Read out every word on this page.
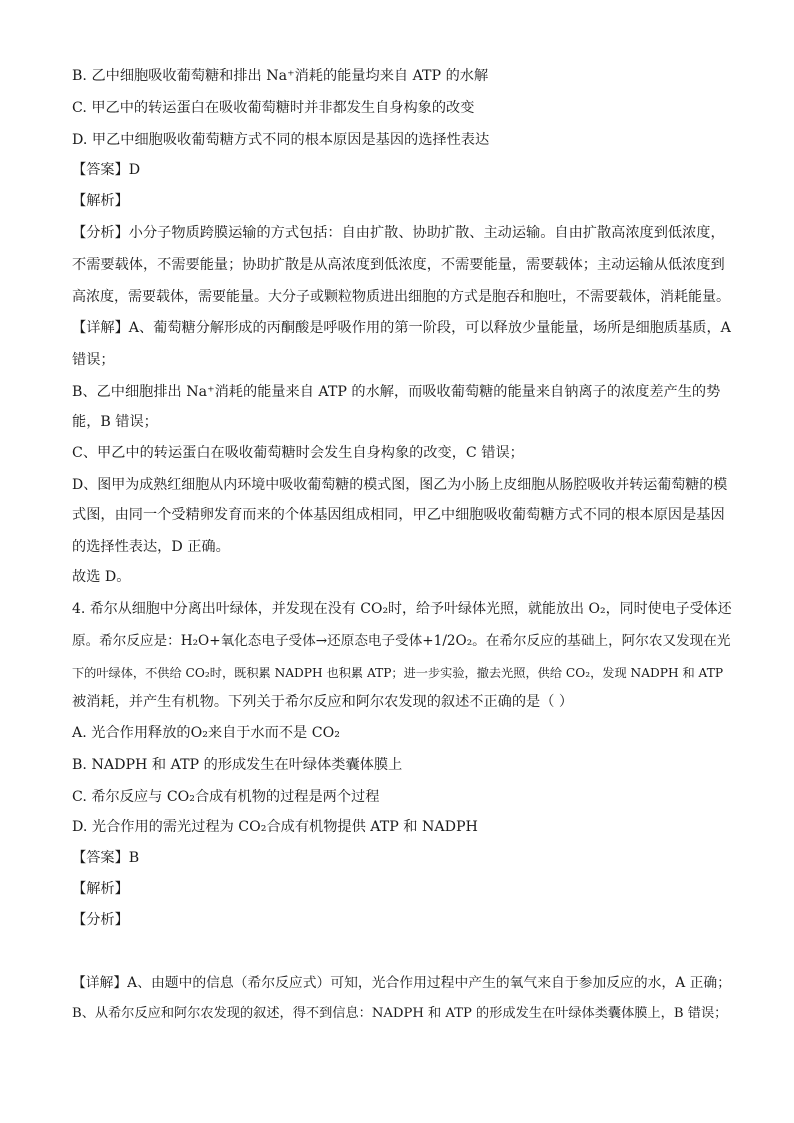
B. 乙中细胞吸收葡萄糖和排出 Na⁺消耗的能量均来自 ATP 的水解
C. 甲乙中的转运蛋白在吸收葡萄糖时并非都发生自身构象的改变
D. 甲乙中细胞吸收葡萄糖方式不同的根本原因是基因的选择性表达
【答案】D
【解析】
【分析】小分子物质跨膜运输的方式包括：自由扩散、协助扩散、主动运输。自由扩散高浓度到低浓度，
不需要载体，不需要能量；协助扩散是从高浓度到低浓度，不需要能量，需要载体；主动运输从低浓度到
高浓度，需要载体，需要能量。大分子或颗粒物质进出细胞的方式是胞吞和胞吐，不需要载体，消耗能量。
【详解】A、葡萄糖分解形成的丙酮酸是呼吸作用的第一阶段，可以释放少量能量，场所是细胞质基质，A
错误；
B、乙中细胞排出 Na⁺消耗的能量来自 ATP 的水解，而吸收葡萄糖的能量来自钠离子的浓度差产生的势
能，B 错误；
C、甲乙中的转运蛋白在吸收葡萄糖时会发生自身构象的改变，C 错误；
D、图甲为成熟红细胞从内环境中吸收葡萄糖的模式图，图乙为小肠上皮细胞从肠腔吸收并转运葡萄糖的模
式图，由同一个受精卵发育而来的个体基因组成相同，甲乙中细胞吸收葡萄糖方式不同的根本原因是基因
的选择性表达，D 正确。
故选 D。
4. 希尔从细胞中分离出叶绿体，并发现在没有 CO₂时，给予叶绿体光照，就能放出 O₂，同时使电子受体还
原。希尔反应是：H₂O+氧化态电子受体→还原态电子受体+1/2O₂。在希尔反应的基础上，阿尔农又发现在光
下的叶绿体，不供给 CO₂时，既积累 NADPH 也积累 ATP；进一步实验，撤去光照，供给 CO₂，发现 NADPH 和 ATP
被消耗，并产生有机物。下列关于希尔反应和阿尔农发现的叙述不正确的是（ ）
A. 光合作用释放的O₂来自于水而不是 CO₂
B. NADPH 和 ATP 的形成发生在叶绿体类囊体膜上
C. 希尔反应与 CO₂合成有机物的过程是两个过程
D. 光合作用的需光过程为 CO₂合成有机物提供 ATP 和 NADPH
【答案】B
【解析】
【分析】
【详解】A、由题中的信息（希尔反应式）可知，光合作用过程中产生的氧气来自于参加反应的水，A 正确；
B、从希尔反应和阿尔农发现的叙述，得不到信息：NADPH 和 ATP 的形成发生在叶绿体类囊体膜上，B 错误；
